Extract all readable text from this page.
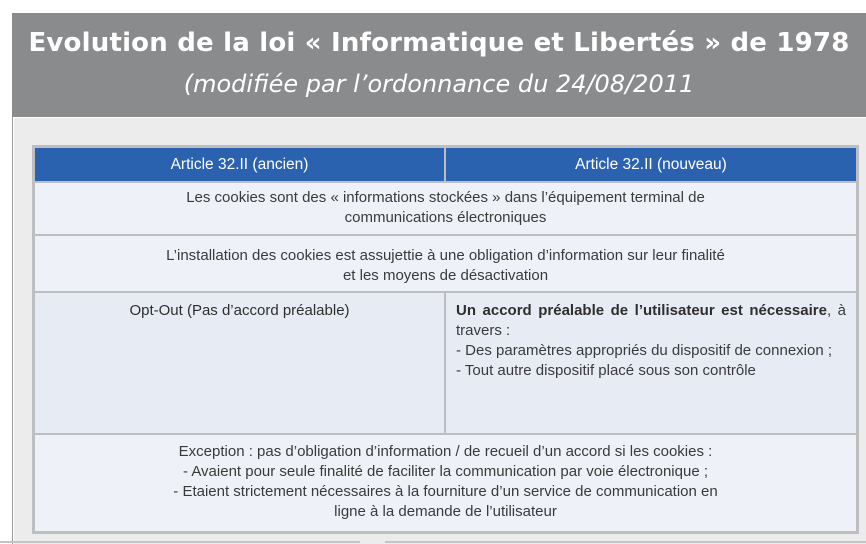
Evolution de la loi « Informatique et Libertés » de 1978
(modifiée par l’ordonnance du 24/08/2011
Article 32.II (ancien)	Article 32.II (nouveau)
Les cookies sont des « informations stockées » dans l’équipement terminal de
communications électroniques
L’installation des cookies est assujettie à une obligation d’information sur leur finalité
et les moyens de désactivation
Opt-Out (Pas d’accord préalable)	Un accord préalable de l’utilisateur est nécessaire, à travers :
- Des paramètres appropriés du dispositif de connexion ;
- Tout autre dispositif placé sous son contrôle
Exception : pas d’obligation d’information / de recueil d’un accord si les cookies :
- Avaient pour seule finalité de faciliter la communication par voie électronique ;
- Etaient strictement nécessaires à la fourniture d’un service de communication en
ligne à la demande de l’utilisateur
